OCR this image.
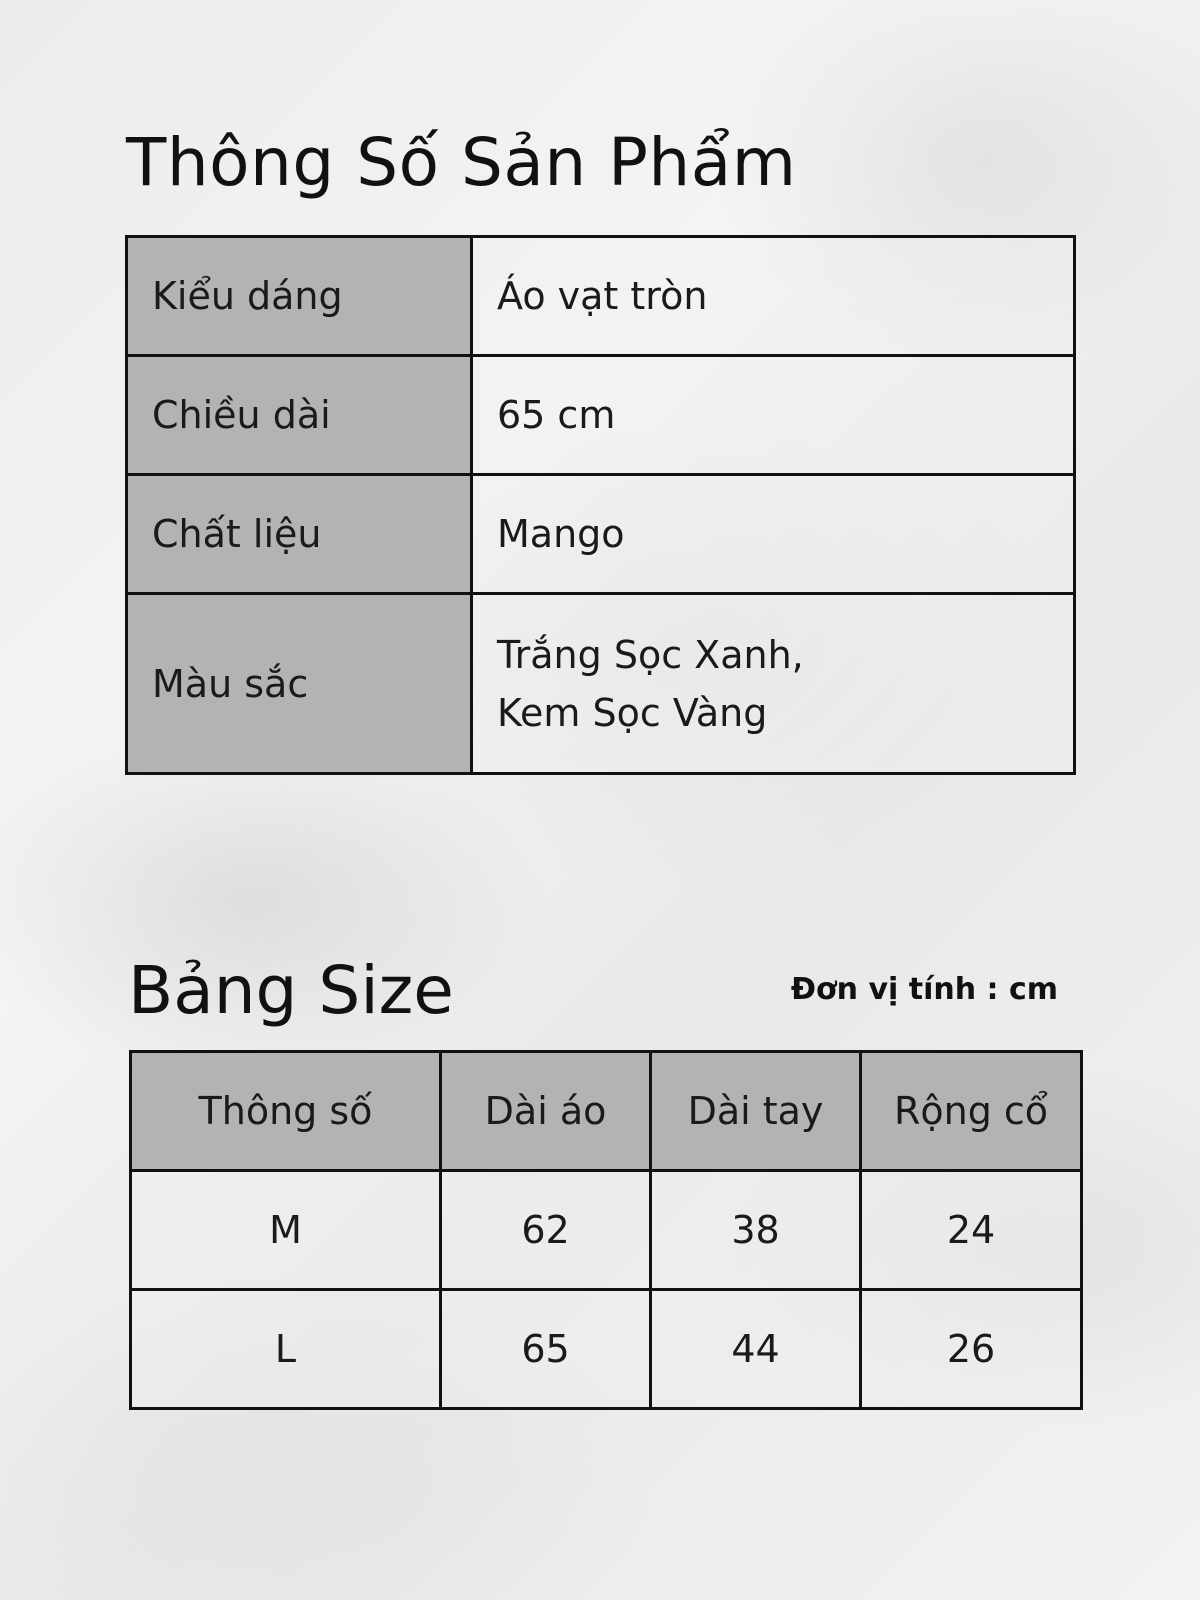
Thông Số Sản Phẩm
Kiểu dáng	Áo vạt tròn
Chiều dài	65 cm
Chất liệu	Mango
Màu sắc	Trắng Sọc Xanh,
Kem Sọc Vàng
Bảng Size	Đơn vị tính : cm
Thông số	Dài áo	Dài tay	Rộng cổ
M	62	38	24
L	65	44	26
